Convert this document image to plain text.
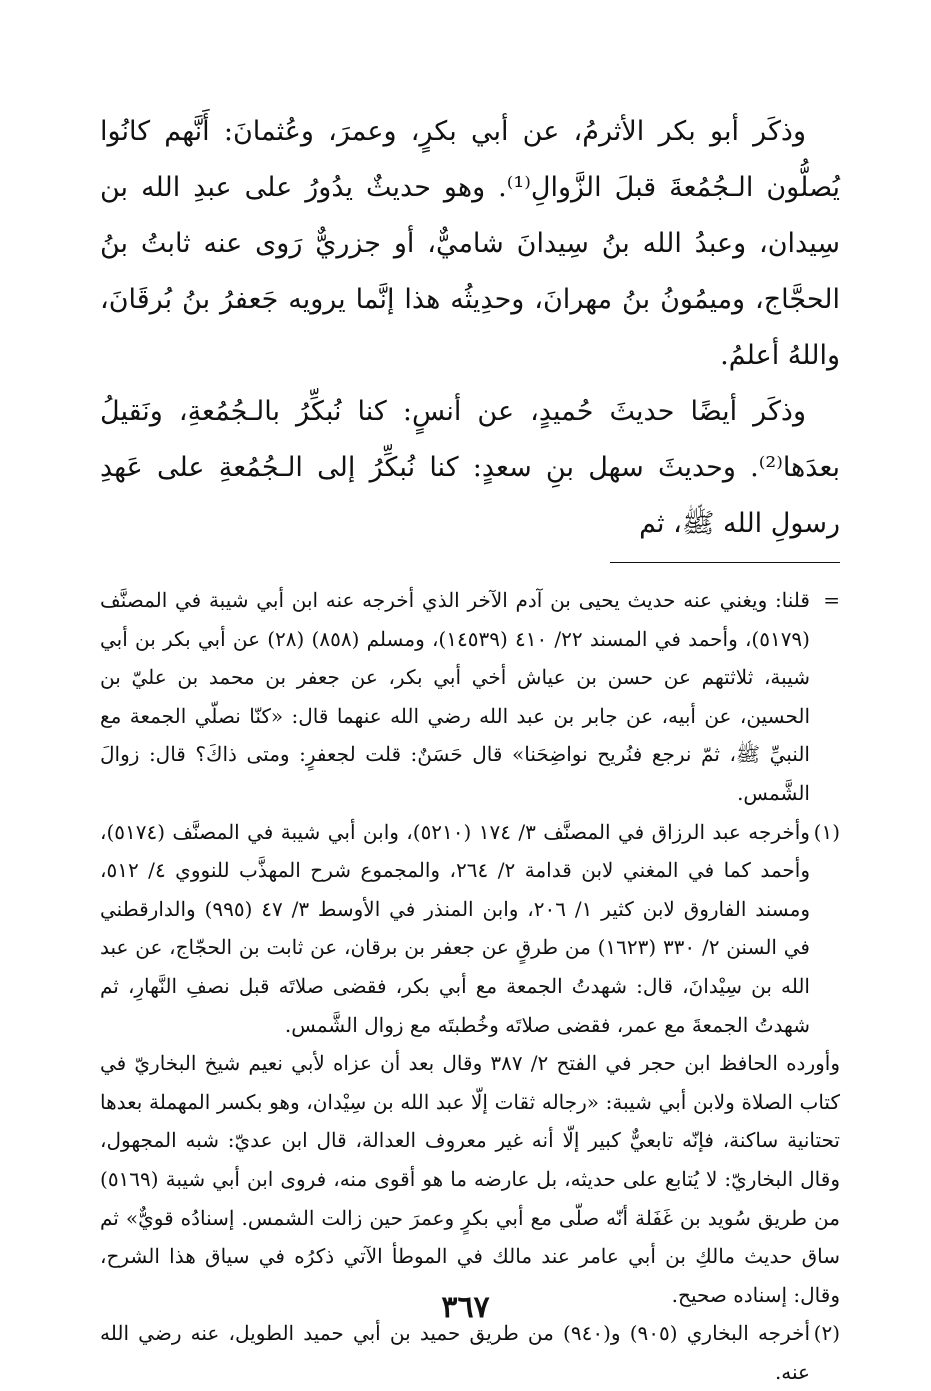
وذكَر أبو بكر الأثرمُ، عن أبي بكرٍ، وعمرَ، وعُثمانَ: أَنَّهم كانُوا يُصلُّون الـجُمُعةَ قبلَ الزَّوالِ⁽¹⁾. وهو حديثٌ يدُورُ على عبدِ الله بن سِيدان، وعبدُ الله بنُ سِيدانَ شاميٌّ، أو جزريٌّ رَوى عنه ثابتُ بنُ الحجَّاج، وميمُونُ بنُ مهرانَ، وحدِيثُه هذا إنَّما يرويه جَعفرُ بنُ بُرقَانَ، واللهُ أعلمُ.

وذكَر أيضًا حديثَ حُميدٍ، عن أنسٍ: كنا نُبكِّرُ بالـجُمُعةِ، ونَقيلُ بعدَها⁽²⁾. وحديثَ سهل بنِ سعدٍ: كنا نُبكِّرُ إلى الـجُمُعةِ على عَهدِ رسولِ الله ﷺ، ثم

=

قلنا: ويغني عنه حديث يحيى بن آدم الآخر الذي أخرجه عنه ابن أبي شيبة في المصنَّف (٥١٧٩)، وأحمد في المسند ٢٢/ ٤١٠ (١٤٥٣٩)، ومسلم (٨٥٨) (٢٨) عن أبي بكر بن أبي شيبة، ثلاثتهم عن حسن بن عياش أخي أبي بكر، عن جعفر بن محمد بن عليّ بن الحسين، عن أبيه، عن جابر بن عبد الله رضي الله عنهما قال: «كنّا نصلّي الجمعة مع النبيِّ ﷺ، ثمّ نرجع فنُريح نواضِحَنا» قال حَسَنٌ: قلت لجعفرٍ: ومتى ذاكَ؟ قال: زوالَ الشَّمس.

(١)

وأخرجه عبد الرزاق في المصنَّف ٣/ ١٧٤ (٥٢١٠)، وابن أبي شيبة في المصنَّف (٥١٧٤)، وأحمد كما في المغني لابن قدامة ٢/ ٢٦٤، والمجموع شرح المهذَّب للنووي ٤/ ٥١٢، ومسند الفاروق لابن كثير ١/ ٢٠٦، وابن المنذر في الأوسط ٣/ ٤٧ (٩٩٥) والدارقطني في السنن ٢/ ٣٣٠ (١٦٢٣) من طرقٍ عن جعفر بن برقان، عن ثابت بن الحجّاج، عن عبد الله بن سِيْدانَ، قال: شهدتُ الجمعة مع أبي بكر، فقضى صلاتَه قبل نصفِ النَّهارِ، ثم شهدتُ الجمعةَ مع عمر، فقضى صلاتَه وخُطبتَه مع زوال الشَّمس.

وأورده الحافظ ابن حجر في الفتح ٢/ ٣٨٧ وقال بعد أن عزاه لأبي نعيم شيخ البخاريّ في كتاب الصلاة ولابن أبي شيبة: «رجاله ثقات إلّا عبد الله بن سِيْدان، وهو بكسر المهملة بعدها تحتانية ساكنة، فإنّه تابعيٌّ كبير إلّا أنه غير معروف العدالة، قال ابن عديّ: شبه المجهول، وقال البخاريّ: لا يُتابع على حديثه، بل عارضه ما هو أقوى منه، فروى ابن أبي شيبة (٥١٦٩) من طريق سُويد بن غَفَلة أنّه صلّى مع أبي بكرٍ وعمرَ حين زالت الشمس. إسنادُه قويٌّ» ثم ساق حديث مالكِ بن أبي عامر عند مالك في الموطأ الآتي ذكرُه في سياق هذا الشرح، وقال: إسناده صحيح.

(٢)

أخرجه البخاري (٩٠٥) و(٩٤٠) من طريق حميد بن أبي حميد الطويل، عنه رضي الله عنه.

٣٦٧
